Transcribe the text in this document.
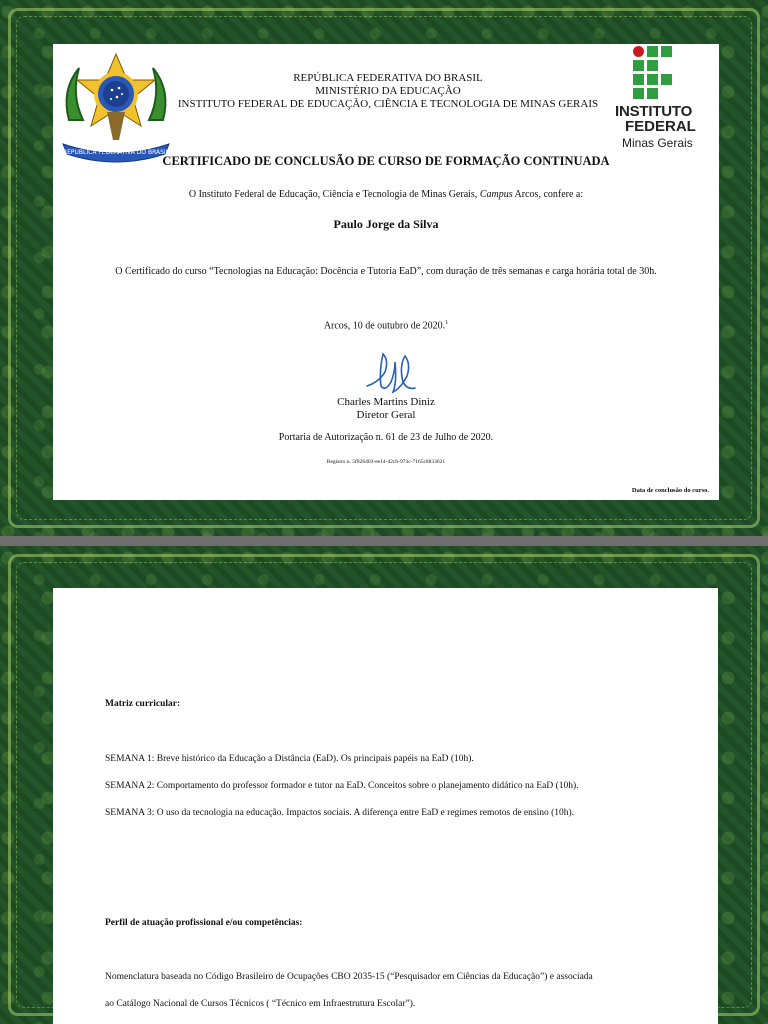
REPUBLICA FEDERATIVA DO BRASIL
REPÚBLICA FEDERATIVA DO BRASIL
MINISTÉRIO DA EDUCAÇÃO
INSTITUTO FEDERAL DE EDUCAÇÃO, CIÊNCIA E TECNOLOGIA DE MINAS GERAIS	INSTITUTO
FEDERAL
Minas Gerais
CERTIFICADO DE CONCLUSÃO DE CURSO DE FORMAÇÃO CONTINUADA
O Instituto Federal de Educação, Ciência e Tecnologia de Minas Gerais, Campus Arcos, confere a:
Paulo Jorge da Silva
O Certificado do curso “Tecnologias na Educação: Docência e Tutoria EaD”, com duração de três semanas e carga horária total de 30h.
Arcos, 10 de outubro de 2020.$^1$
Charles Martins Diniz
Diretor Geral
Portaria de Autorização n. 61 de 23 de Julho de 2020.
Registro n. 5f826403-ee14-42cb-973c-7165c8833621
Data de conclusão do curso.
Matriz curricular:
SEMANA 1: Breve histórico da Educação a Distância (EaD). Os principais papéis na EaD (10h).
SEMANA 2: Comportamento do professor formador e tutor na EaD. Conceitos sobre o planejamento didático na EaD (10h).
SEMANA 3: O uso da tecnologia na educação. Impactos sociais. A diferença entre EaD e regimes remotos de ensino (10h).
Perfil de atuação profissional e/ou competências:
Nomenclatura baseada no Código Brasileiro de Ocupações CBO 2035-15 (“Pesquisador em Ciências da Educação”) e associada
ao Catálogo Nacional de Cursos Técnicos ( “Técnico em Infraestrutura Escolar”).
